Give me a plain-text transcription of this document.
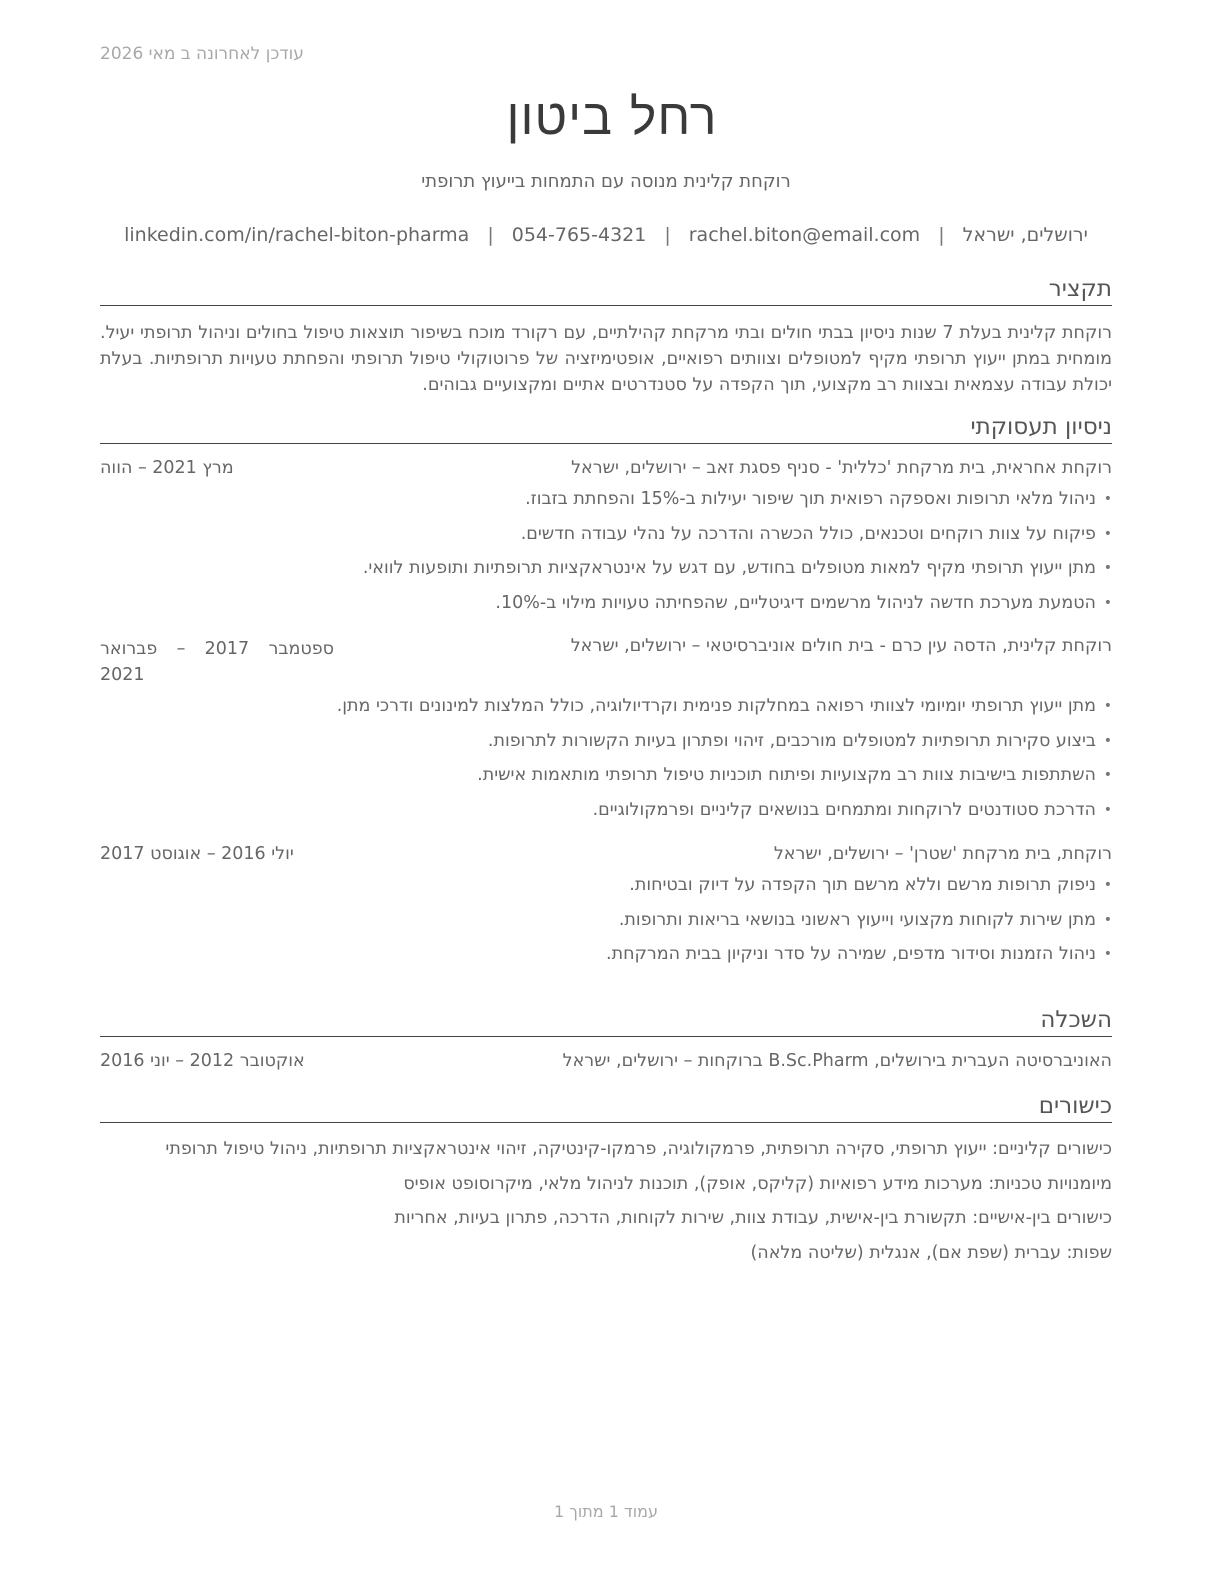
עודכן לאחרונה ב מאי 2026
רחל ביטון
רוקחת קלינית מנוסה עם התמחות בייעוץ תרופתי
ירושלים, ישראל|rachel.biton@email.com|054-765-4321|linkedin.com/in/rachel-biton-pharma
תקציר
רוקחת קלינית בעלת 7 שנות ניסיון בבתי חולים ובתי מרקחת קהילתיים, עם רקורד מוכח בשיפור תוצאות טיפול בחולים וניהול תרופתי יעיל. מומחית במתן ייעוץ תרופתי מקיף למטופלים וצוותים רפואיים, אופטימיזציה של פרוטוקולי טיפול תרופתי והפחתת טעויות תרופתיות. בעלת יכולת עבודה עצמאית ובצוות רב מקצועי, תוך הקפדה על סטנדרטים אתיים ומקצועיים גבוהים.
ניסיון תעסוקתי
רוקחת אחראית, בית מרקחת 'כללית' - סניף פסגת זאב – ירושלים, ישראל
מרץ 2021 – הווה
• ניהול מלאי תרופות ואספקה רפואית תוך שיפור יעילות ב-15% והפחתת בזבוז.
• פיקוח על צוות רוקחים וטכנאים, כולל הכשרה והדרכה על נהלי עבודה חדשים.
• מתן ייעוץ תרופתי מקיף למאות מטופלים בחודש, עם דגש על אינטראקציות תרופתיות ותופעות לוואי.
• הטמעת מערכת חדשה לניהול מרשמים דיגיטליים, שהפחיתה טעויות מילוי ב-10%.
רוקחת קלינית, הדסה עין כרם - בית חולים אוניברסיטאי – ירושלים, ישראל
ספטמבר 2017 – פברואר 2021
• מתן ייעוץ תרופתי יומיומי לצוותי רפואה במחלקות פנימית וקרדיולוגיה, כולל המלצות למינונים ודרכי מתן.
• ביצוע סקירות תרופתיות למטופלים מורכבים, זיהוי ופתרון בעיות הקשורות לתרופות.
• השתתפות בישיבות צוות רב מקצועיות ופיתוח תוכניות טיפול תרופתי מותאמות אישית.
• הדרכת סטודנטים לרוקחות ומתמחים בנושאים קליניים ופרמקולוגיים.
רוקחת, בית מרקחת 'שטרן' – ירושלים, ישראל
יולי 2016 – אוגוסט 2017
• ניפוק תרופות מרשם וללא מרשם תוך הקפדה על דיוק ובטיחות.
• מתן שירות לקוחות מקצועי וייעוץ ראשוני בנושאי בריאות ותרופות.
• ניהול הזמנות וסידור מדפים, שמירה על סדר וניקיון בבית המרקחת.
השכלה
האוניברסיטה העברית בירושלים, B.Sc.Pharm ברוקחות – ירושלים, ישראל
אוקטובר 2012 – יוני 2016
כישורים

כישורים קליניים: ייעוץ תרופתי, סקירה תרופתית, פרמקולוגיה, פרמקו-קינטיקה, זיהוי אינטראקציות תרופתיות, ניהול טיפול תרופתי

מיומנויות טכניות: מערכות מידע רפואיות (קליקס, אופק), תוכנות לניהול מלאי, מיקרוסופט אופיס

כישורים בין-אישיים: תקשורת בין-אישית, עבודת צוות, שירות לקוחות, הדרכה, פתרון בעיות, אחריות

שפות: עברית (שפת אם), אנגלית (שליטה מלאה)

עמוד 1 מתוך 1
